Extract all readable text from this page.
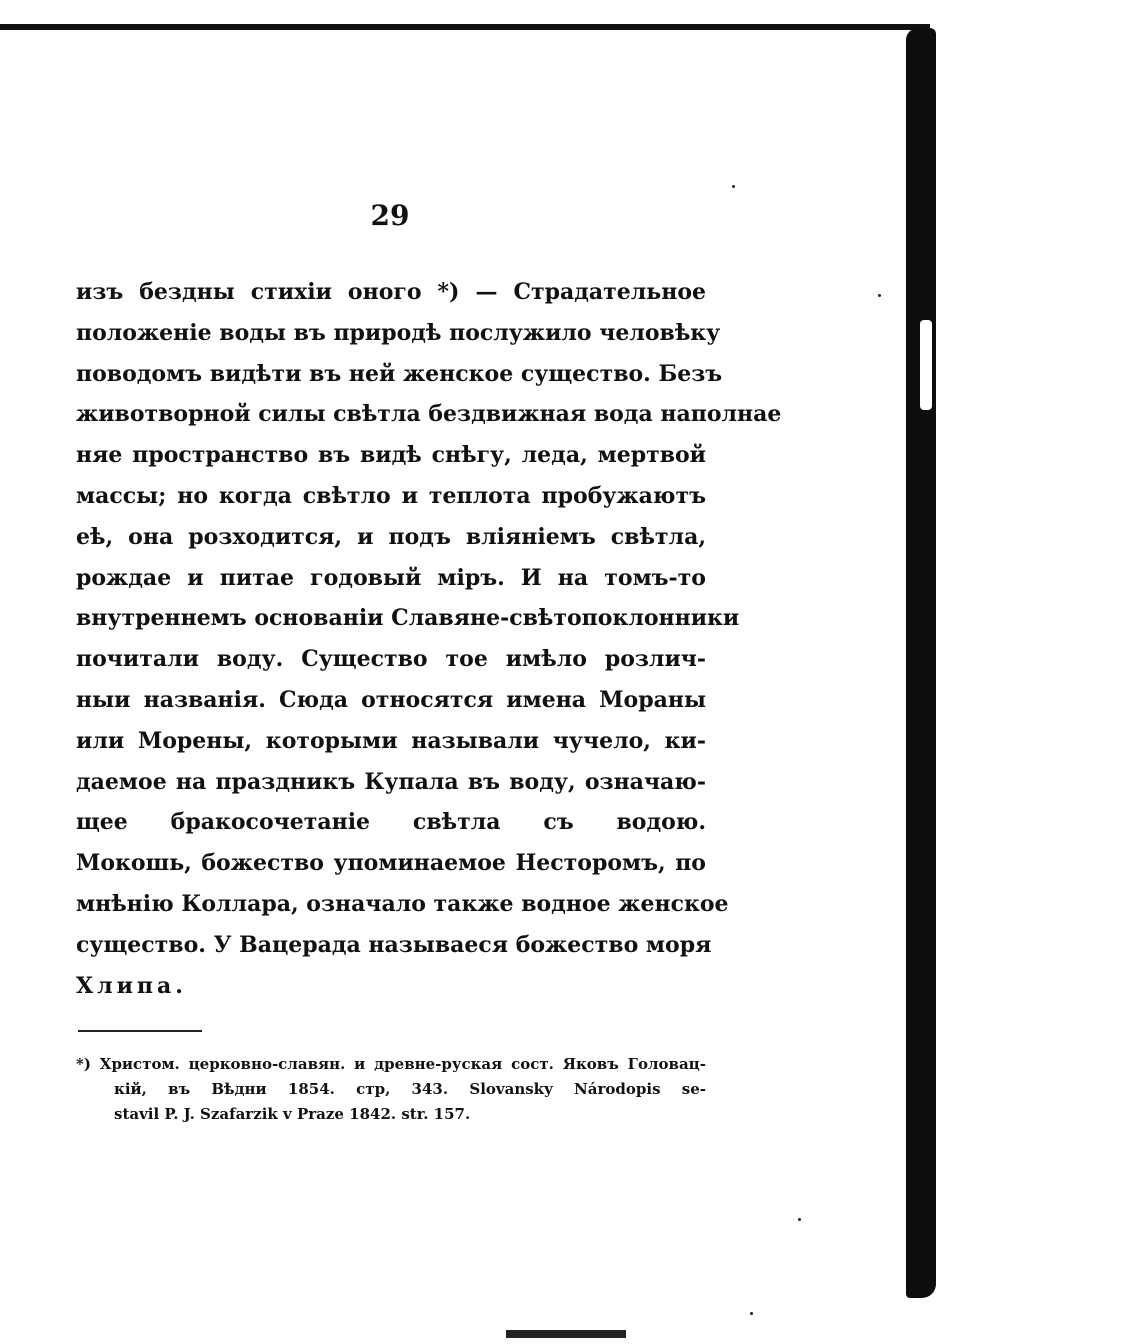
29
изъ бездны стихіи оного *) — Страдательное
положеніе воды въ природѣ послужило человѣку
поводомъ видѣти въ ней женское существо. Безъ
животворной силы свѣтла бездвижная вода наполнае
няе пространство въ видѣ снѣгу, леда, мертвой
массы; но когда свѣтло и теплота пробужаютъ
еѣ, она розходится, и подъ вліяніемъ свѣтла,
рождае и питае годовый міръ. И на томъ-то
внутреннемъ основаніи Славяне-свѣтопоклонники
почитали воду. Существо тое имѣло розлич-
ныи названія. Сюда относятся имена Мораны
или Морены, которыми называли чучело, ки-
даемое на праздникъ Купала въ воду, означаю-
щее бракосочетаніе свѣтла съ водою.
Мокошь, божество упоминаемое Несторомъ, по
мнѣнію Коллара, означало также водное женское
существо. У Вацерада называеся божество моря
Хлипа.
*) Христом. церковно-славян. и древне-руская сост. Яковъ Головац-
кій, въ Вѣдни 1854. стр, 343. Slovansky Národopis se-
stavil P. J. Szafarzik v Praze 1842. str. 157.
